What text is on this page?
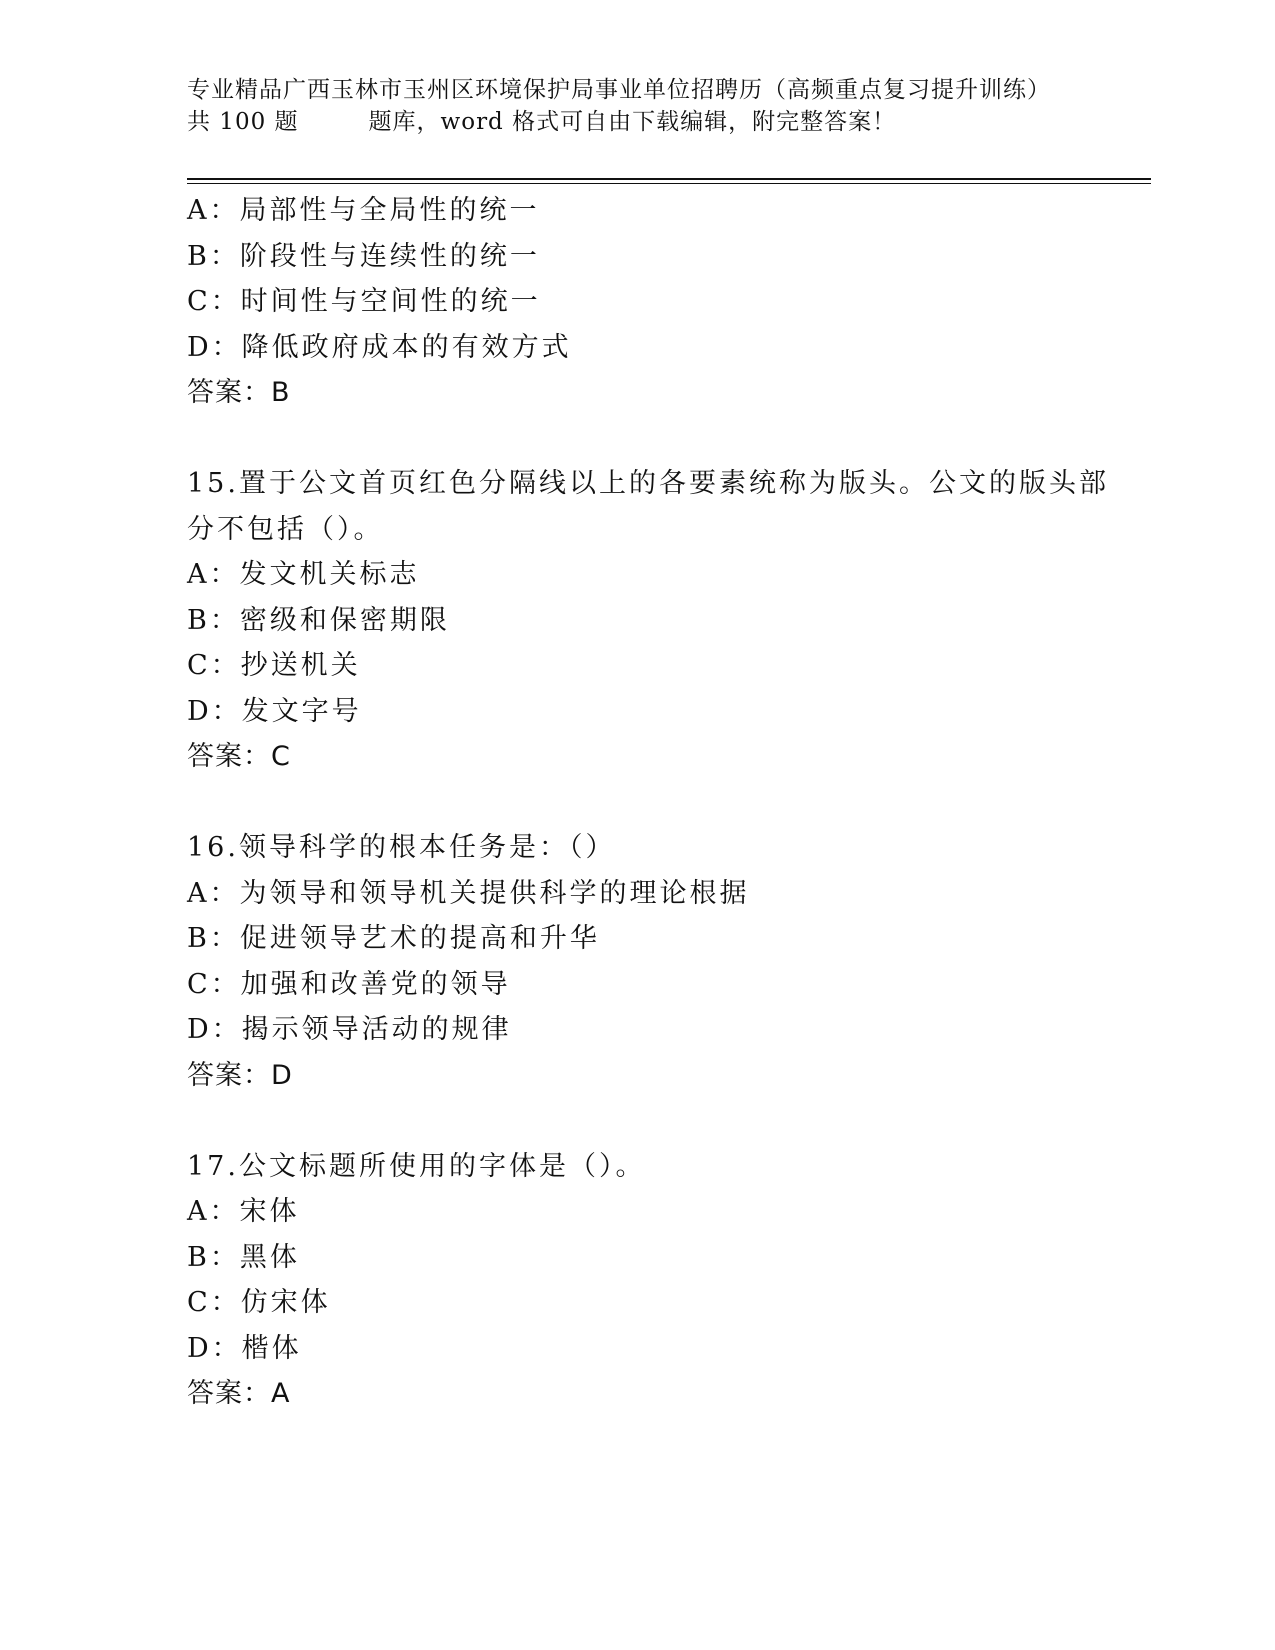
专业精品广西玉林市玉州区环境保护局事业单位招聘历（高频重点复习提升训练）
共 100 题	题库，word 格式可自由下载编辑，附完整答案！
A：局部性与全局性的统一
B：阶段性与连续性的统一
C：时间性与空间性的统一
D：降低政府成本的有效方式
答案：B
15.置于公文首页红色分隔线以上的各要素统称为版头。公文的版头部
分不包括（）。
A：发文机关标志
B：密级和保密期限
C：抄送机关
D：发文字号
答案：C
16.领导科学的根本任务是：（）
A：为领导和领导机关提供科学的理论根据
B：促进领导艺术的提高和升华
C：加强和改善党的领导
D：揭示领导活动的规律
答案：D
17.公文标题所使用的字体是（）。
A：宋体
B：黑体
C：仿宋体
D：楷体
答案：A
